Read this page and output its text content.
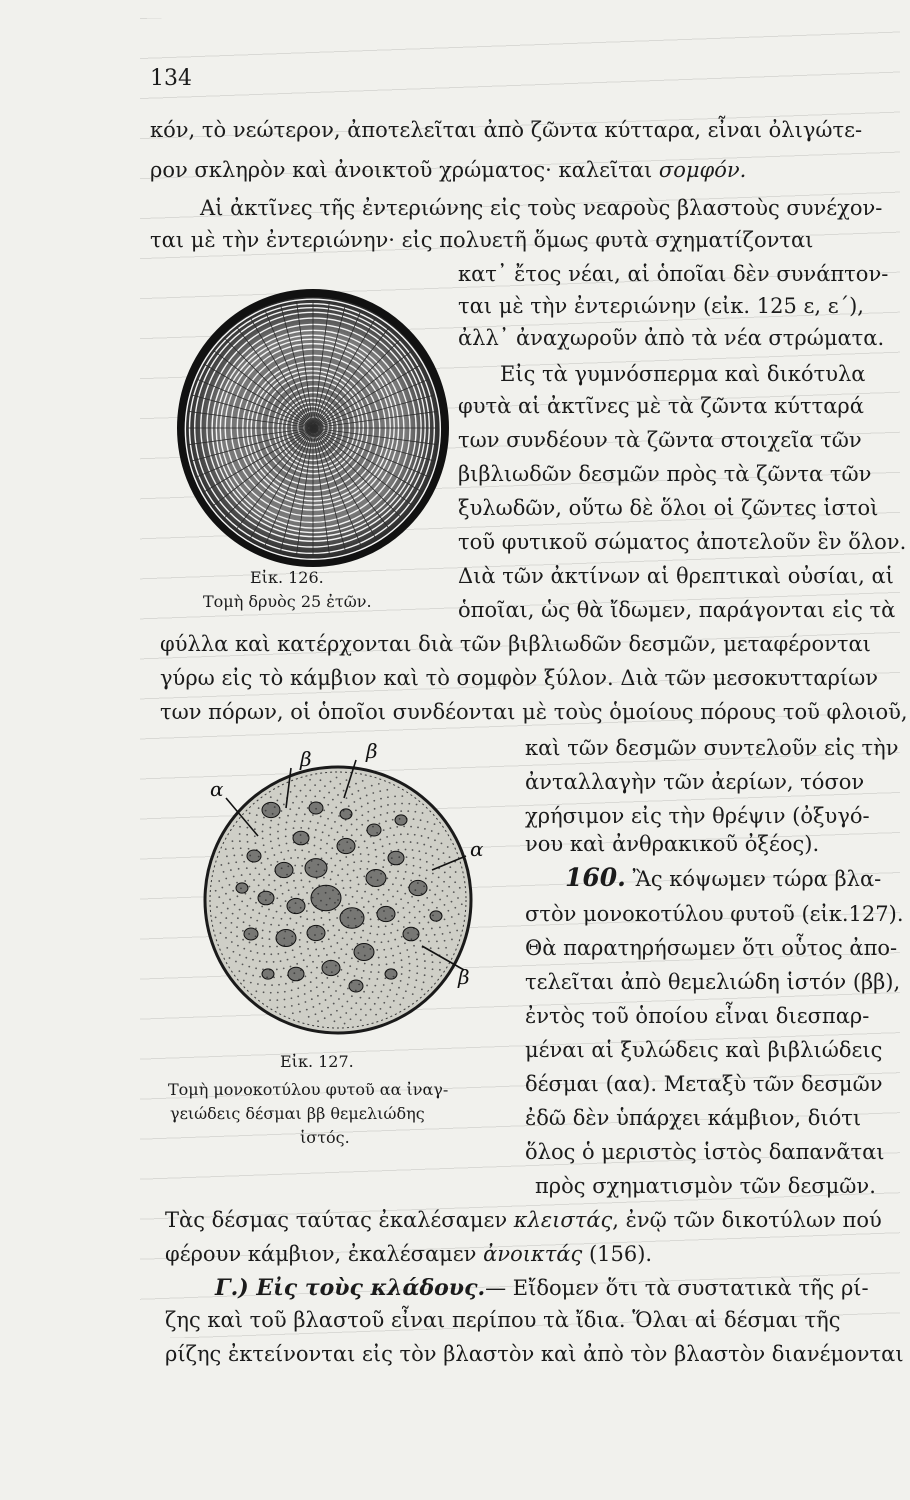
134
Εἰκ. 126.
Τομὴ δρυὸς 25 ἐτῶν.
β	β
α
α
β
Εἰκ. 127.
Τομὴ μονοκοτύλου φυτοῦ αα ἰναγ-
γειώδεις δέσμαι ββ θεμελιώδης
ἱστός.
κόν, τὸ νεώτερον, ἀποτελεῖται ἀπὸ ζῶντα κύτταρα, εἶναι ὀλιγώτε-
ρον σκληρὸν καὶ ἀνοικτοῦ χρώματος· καλεῖται σομφόν.
Αἱ ἀκτῖνες τῆς ἐντεριώνης εἰς τοὺς νεαροὺς βλαστοὺς συνέχον-
ται μὲ τὴν ἐντεριώνην· εἰς πολυετῆ ὅμως φυτὰ σχηματίζονται
κατ᾽ ἔτος νέαι, αἱ ὁποῖαι δὲν συνάπτον-
ται μὲ τὴν ἐντεριώνην (εἰκ. 125 ε, ε΄),
ἀλλ᾽ ἀναχωροῦν ἀπὸ τὰ νέα στρώματα.
Εἰς τὰ γυμνόσπερμα καὶ δικότυλα
φυτὰ αἱ ἀκτῖνες μὲ τὰ ζῶντα κύτταρά
των συνδέουν τὰ ζῶντα στοιχεῖα τῶν
βιβλιωδῶν δεσμῶν πρὸς τὰ ζῶντα τῶν
ξυλωδῶν, οὕτω δὲ ὅλοι οἱ ζῶντες ἱστοὶ
τοῦ φυτικοῦ σώματος ἀποτελοῦν ἓν ὅλον.
Διὰ τῶν ἀκτίνων αἱ θρεπτικαὶ οὐσίαι, αἱ
ὁποῖαι, ὡς θὰ ἴδωμεν, παράγονται εἰς τὰ
φύλλα καὶ κατέρχονται διὰ τῶν βιβλιωδῶν δεσμῶν, μεταφέρονται
γύρω εἰς τὸ κάμβιον καὶ τὸ σομφὸν ξύλον. Διὰ τῶν μεσοκυτταρίων
των πόρων, οἱ ὁποῖοι συνδέονται μὲ τοὺς ὁμοίους πόρους τοῦ φλοιοῦ,
καὶ τῶν δεσμῶν συντελοῦν εἰς τὴν
ἀνταλλαγὴν τῶν ἀερίων, τόσον
χρήσιμον εἰς τὴν θρέψιν (ὀξυγό-
νου καὶ ἀνθρακικοῦ ὀξέος).
160. Ἂς κόψωμεν τώρα βλα-
στὸν μονοκοτύλου φυτοῦ (εἰκ.127).
Θὰ παρατηρήσωμεν ὅτι οὗτος ἀπο-
τελεῖται ἀπὸ θεμελιώδη ἱστόν (ββ),
ἐντὸς τοῦ ὁποίου εἶναι διεσπαρ-
μέναι αἱ ξυλώδεις καὶ βιβλιώδεις
δέσμαι (αα). Μεταξὺ τῶν δεσμῶν
ἐδῶ δὲν ὑπάρχει κάμβιον, διότι
ὅλος ὁ μεριστὸς ἱστὸς δαπανᾶται
πρὸς σχηματισμὸν τῶν δεσμῶν.
Τὰς δέσμας ταύτας ἐκαλέσαμεν κλειστάς, ἐνῷ τῶν δικοτύλων πού
φέρουν κάμβιον, ἐκαλέσαμεν ἀνοικτάς (156).
Γ.) Εἰς τοὺς κλάδους.— Εἴδομεν ὅτι τὰ συστατικὰ τῆς ρί-
ζης καὶ τοῦ βλαστοῦ εἶναι περίπου τὰ ἴδια. Ὅλαι αἱ δέσμαι τῆς
ρίζης ἐκτείνονται εἰς τὸν βλαστὸν καὶ ἀπὸ τὸν βλαστὸν διανέμονται
